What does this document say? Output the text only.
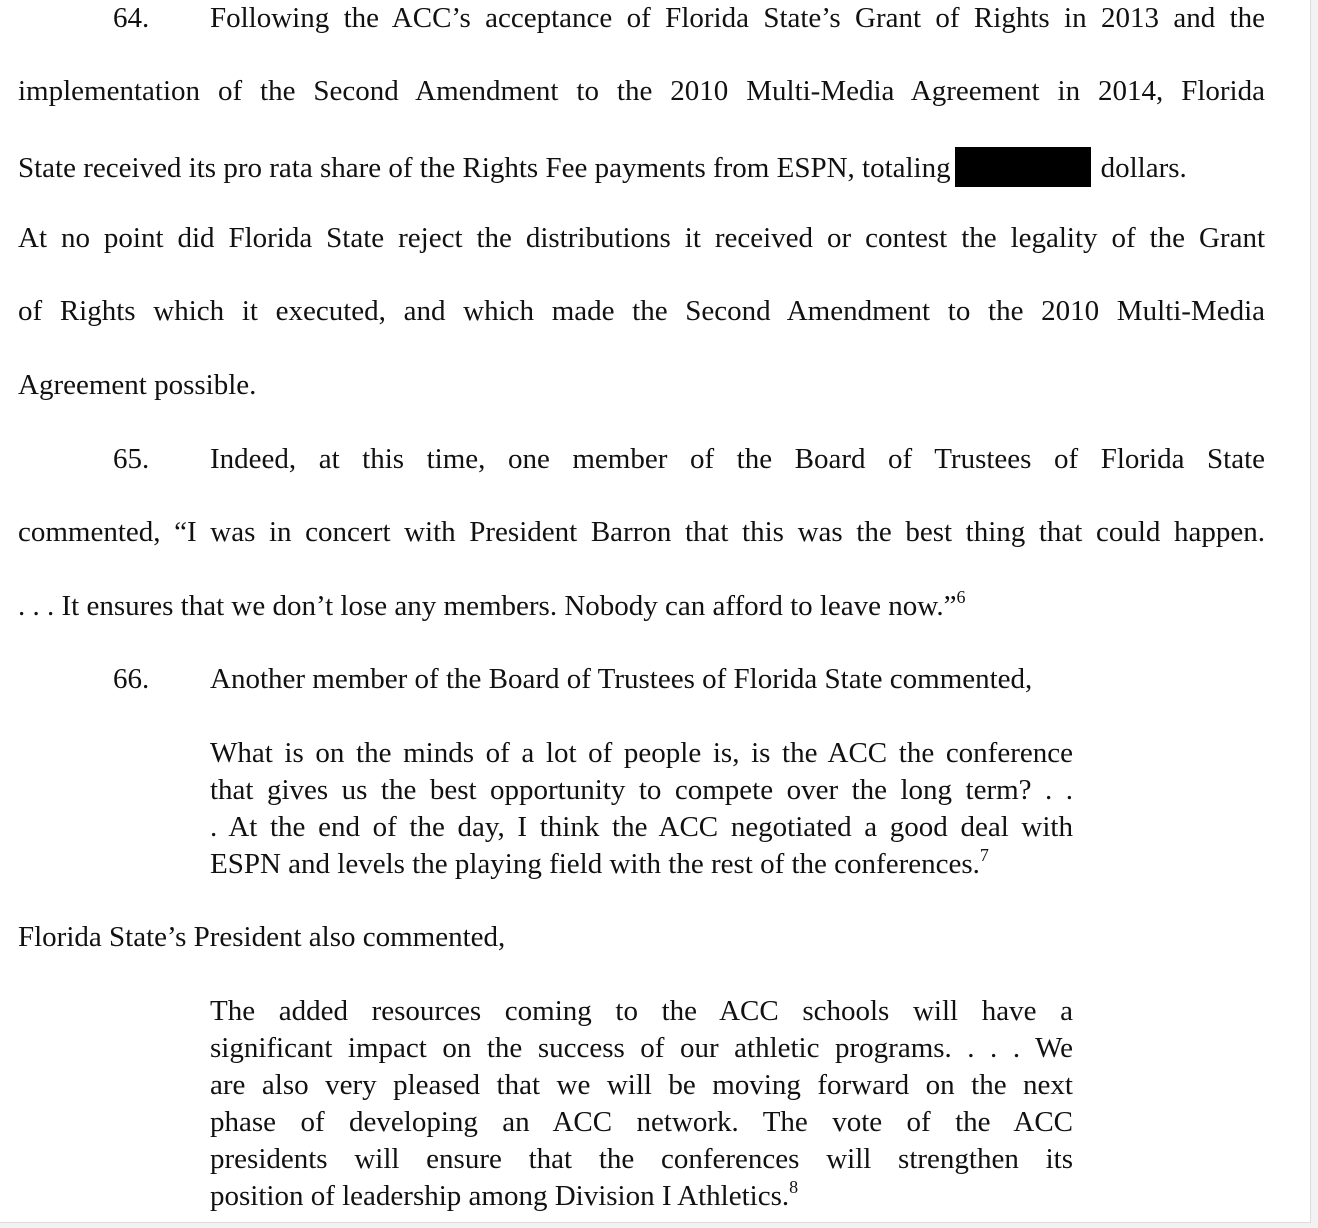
64. Following the ACC’s acceptance of Florida State’s Grant of Rights in 2013 and the
implementation of the Second Amendment to the 2010 Multi-Media Agreement in 2014, Florida
State received its pro rata share of the Rights Fee payments from ESPN, totaling	dollars.
At no point did Florida State reject the distributions it received or contest the legality of the Grant
of Rights which it executed, and which made the Second Amendment to the 2010 Multi-Media
Agreement possible.
65. Indeed, at this time, one member of the Board of Trustees of Florida State
commented, “I was in concert with President Barron that this was the best thing that could happen.
. . . It ensures that we don’t lose any members. Nobody can afford to leave now.”$^6$
66. Another member of the Board of Trustees of Florida State commented,
What is on the minds of a lot of people is, is the ACC the conference
that gives us the best opportunity to compete over the long term? . .
. At the end of the day, I think the ACC negotiated a good deal with
ESPN and levels the playing field with the rest of the conferences.$^7$
Florida State’s President also commented,
The added resources coming to the ACC schools will have a
significant impact on the success of our athletic programs. . . . We
are also very pleased that we will be moving forward on the next
phase of developing an ACC network. The vote of the ACC
presidents will ensure that the conferences will strengthen its
position of leadership among Division I Athletics.$^8$
